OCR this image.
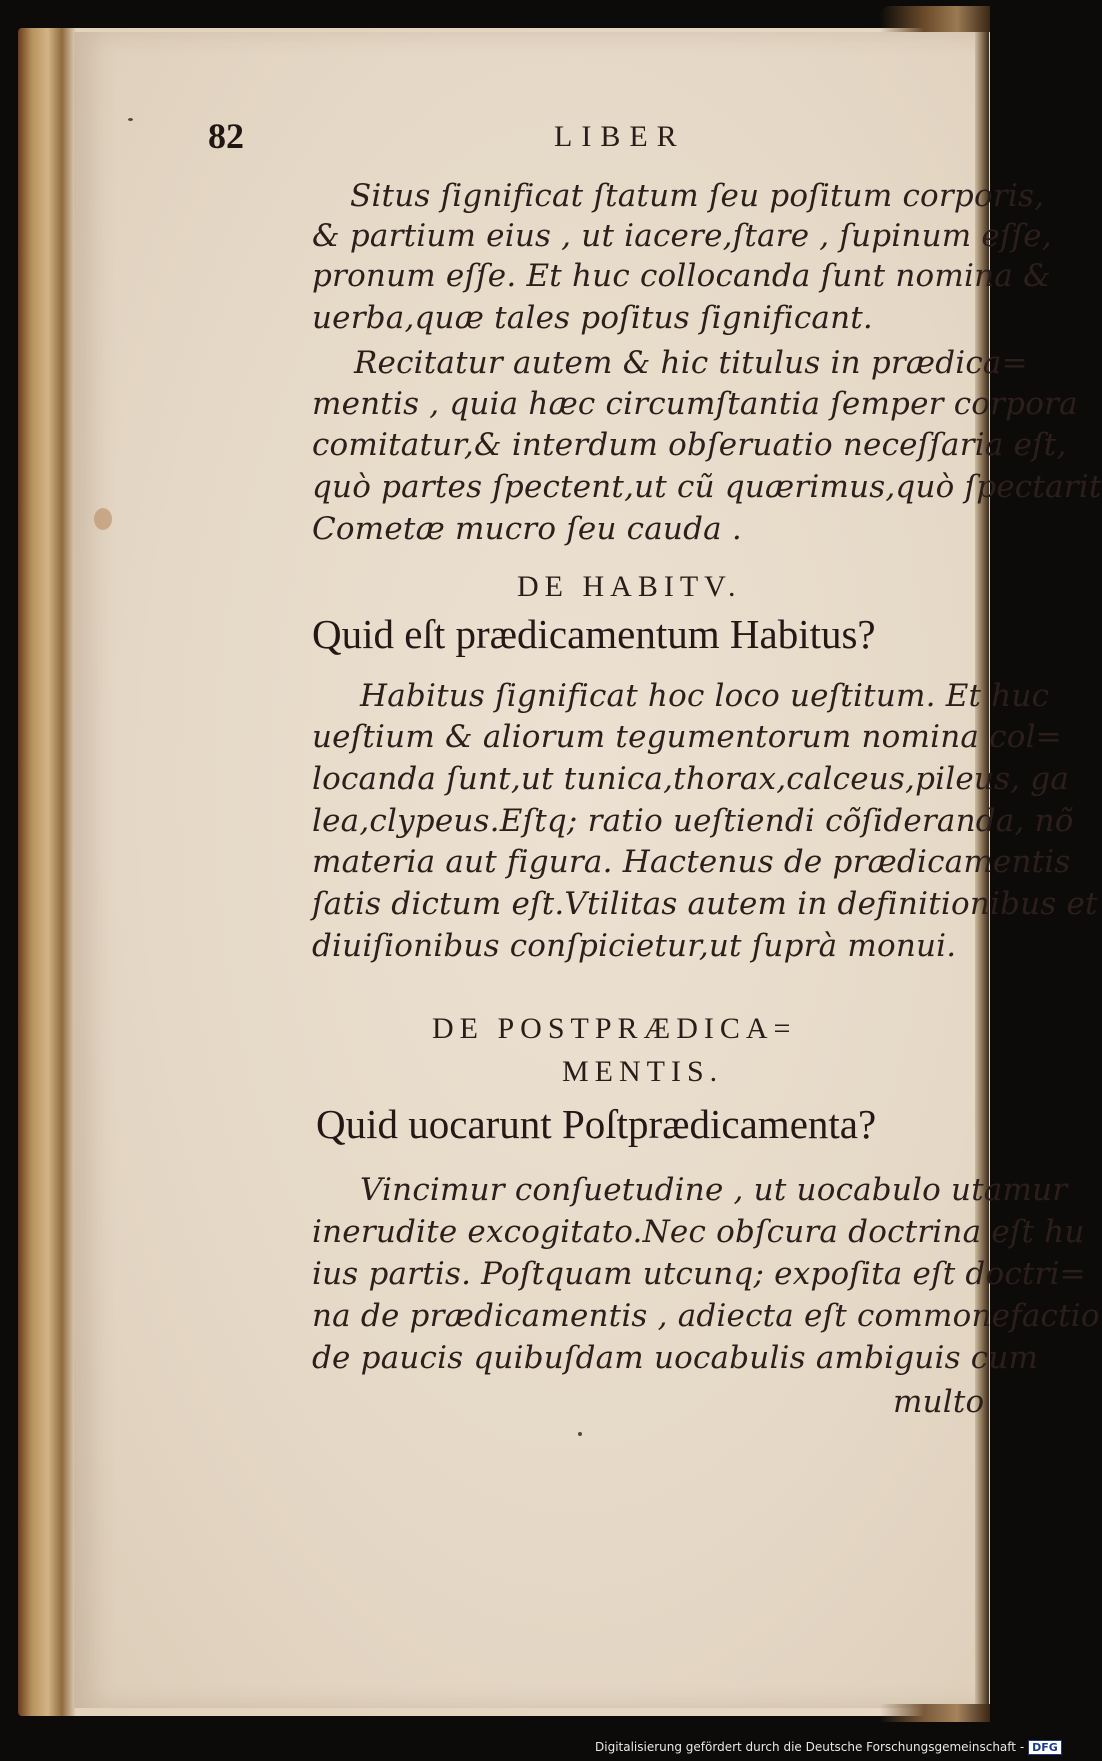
82	LIBER
Situs ſignificat ſtatum ſeu poſitum corporis,
& partium eius , ut iacere,ſtare , ſupinum eſſe,
pronum eſſe. Et huc collocanda ſunt nomina &
uerba,quæ tales poſitus ſignificant.
Recitatur autem & hic titulus in prædica=
mentis , quia hæc circumſtantia ſemper corpora
comitatur,& interdum obſeruatio neceſſaria eſt,
quò partes ſpectent,ut cũ quærimus,quò ſpectarit
Cometæ mucro ſeu cauda .
DE HABITV.
Quid eſt prædicamentum Habitus?
Habitus ſignificat hoc loco ueſtitum. Et huc
ueſtium & aliorum tegumentorum nomina col=
locanda ſunt,ut tunica,thorax,calceus,pileus, ga
lea,clypeus.Eſtq; ratio ueſtiendi cõſideranda, nõ
materia aut figura. Hactenus de prædicamentis
ſatis dictum eſt.Vtilitas autem in definitionibus et
diuiſionibus conſpicietur,ut ſuprà monui.
DE POSTPRÆDICA=
MENTIS.
Quid uocarunt Poſtprædicamenta?
Vincimur conſuetudine , ut uocabulo utamur
inerudite excogitato.Nec obſcura doctrina eſt hu
ius partis. Poſtquam utcunq; expoſita eſt doctri=
na de prædicamentis , adiecta eſt commonefactio
de paucis quibuſdam uocabulis ambiguis cum
multo
Digitalisierung gefördert durch die Deutsche Forschungsgemeinschaft - DFG
